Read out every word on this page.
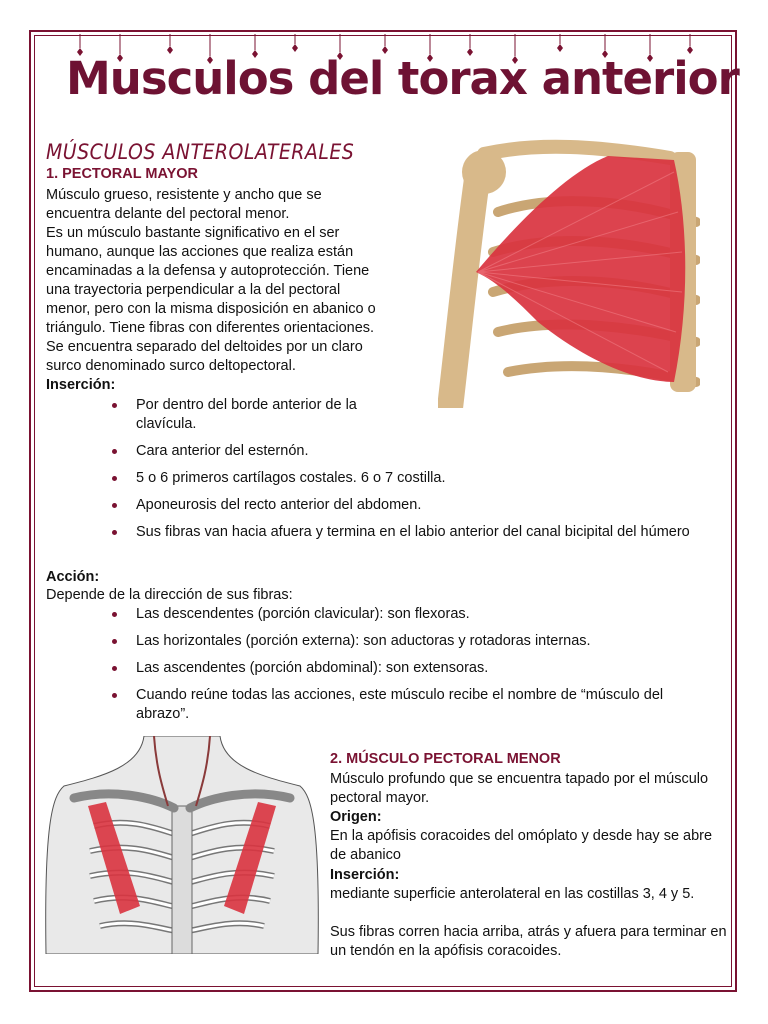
Musculos del torax anterior
MÚSCULOS ANTEROLATERALES
1. PECTORAL MAYOR
Músculo grueso, resistente y ancho que se
encuentra delante del pectoral menor.
Es un músculo bastante significativo en el ser
humano, aunque las acciones que realiza están
encaminadas a la defensa y autoprotección. Tiene
una trayectoria perpendicular a la del pectoral
menor, pero con la misma disposición en abanico o
triángulo. Tiene fibras con diferentes orientaciones.
Se encuentra separado del deltoides por un claro
surco denominado surco deltopectoral.
Inserción:
Por dentro del borde anterior de la clavícula.
Cara anterior del esternón.
5 o 6 primeros cartílagos costales. 6 o 7 costilla.
Aponeurosis del recto anterior del abdomen.
Sus fibras van hacia afuera y termina en el labio anterior del canal bicipital del húmero
Acción:
Depende de la dirección de sus fibras:
Las descendentes (porción clavicular): son flexoras.
Las horizontales (porción externa): son aductoras y rotadoras internas.
Las ascendentes (porción abdominal): son extensoras.
Cuando reúne todas las acciones, este músculo recibe el nombre de “músculo del abrazo”.
2. MÚSCULO PECTORAL MENOR
Músculo profundo que se encuentra tapado por el músculo pectoral mayor.
Origen:
En la apófisis coracoides del omóplato y desde hay se abre de abanico
Inserción:
mediante superficie anterolateral en las costillas 3, 4 y 5.
Sus fibras corren hacia arriba, atrás y afuera para terminar en un tendón en la apófisis coracoides.
